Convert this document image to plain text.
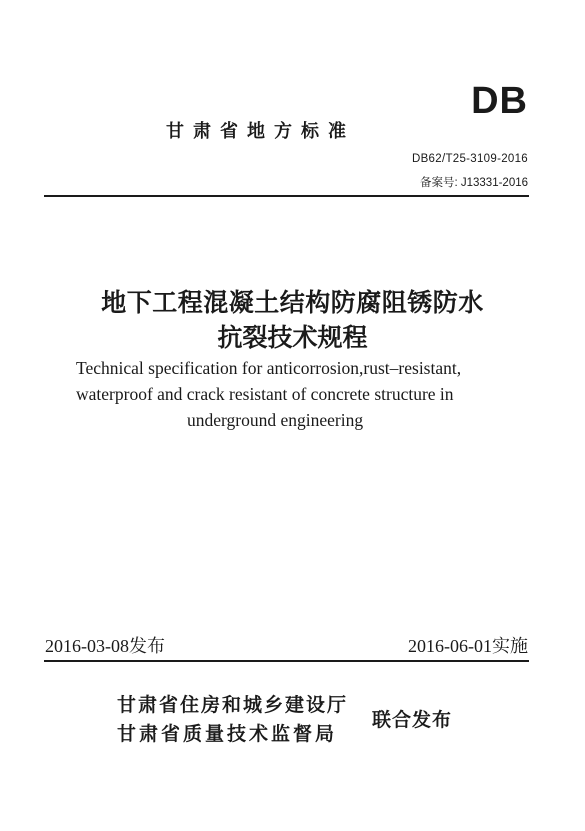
甘肃省地方标准
DB
DB62/T25-3109-2016
备案号: J13331-2016
地下工程混凝土结构防腐阻锈防水
抗裂技术规程
Technical specification for anticorrosion,rust–resistant,
waterproof and crack resistant of concrete structure in
underground engineering
2016-03-08发布	2016-06-01实施
甘肃省住房和城乡建设厅
甘肃省质量技术监督局
联合发布
